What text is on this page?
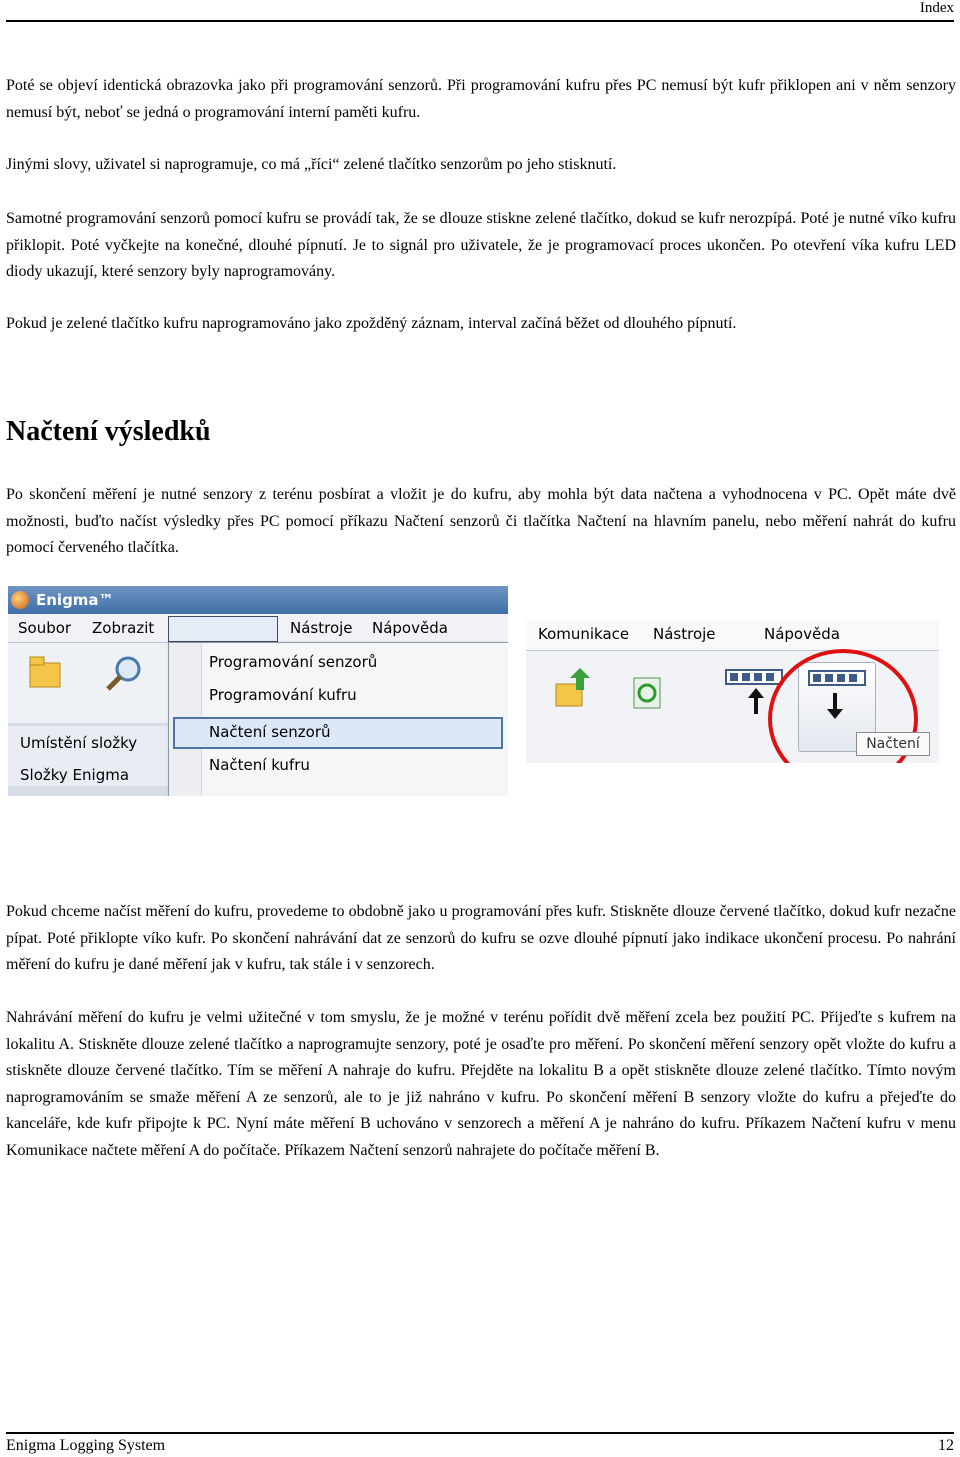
Index

Poté se objeví identická obrazovka jako při programování senzorů. Při programování kufru přes PC nemusí být kufr přiklopen ani v něm senzory nemusí být, neboť se jedná o programování interní paměti kufru.

Jinými slovy, uživatel si naprogramuje, co má „říci“ zelené tlačítko senzorům po jeho stisknutí.

Samotné programování senzorů pomocí kufru se provádí tak, že se dlouze stiskne zelené tlačítko, dokud se kufr nerozpípá. Poté je nutné víko kufru přiklopit. Poté vyčkejte na konečné, dlouhé pípnutí. Je to signál pro uživatele, že je programovací proces ukončen. Po otevření víka kufru LED diody ukazují, které senzory byly naprogramovány.

Pokud je zelené tlačítko kufru naprogramováno jako zpožděný záznam, interval začíná běžet od dlouhého pípnutí.

Načtení výsledků

Po skončení měření je nutné senzory z terénu posbírat a vložit je do kufru, aby mohla být data načtena a vyhodnocena v PC. Opět máte dvě možnosti, buďto načíst výsledky přes PC pomocí příkazu Načtení senzorů či tlačítka Načtení na hlavním panelu, nebo měření nahrát do kufru pomocí červeného tlačítka.

Enigma™
Soubor Zobrazit	Nástroje Nápověda
Umístění složky
Složky Enigma
Programování senzorů
Programování kufru
Načtení senzorů
Načtení kufru
Komunikace Nástroje	Nápověda
Načtení

Pokud chceme načíst měření do kufru, provedeme to obdobně jako u programování přes kufr. Stiskněte dlouze červené tlačítko, dokud kufr nezačne pípat. Poté přiklopte víko kufr. Po skončení nahrávání dat ze senzorů do kufru se ozve dlouhé pípnutí jako indikace ukončení procesu. Po nahrání měření do kufru je dané měření jak v kufru, tak stále i v senzorech.

Nahrávání měření do kufru je velmi užitečné v tom smyslu, že je možné v terénu pořídit dvě měření zcela bez použití PC. Přijeďte s kufrem na lokalitu A. Stiskněte dlouze zelené tlačítko a naprogramujte senzory, poté je osaďte pro měření. Po skončení měření senzory opět vložte do kufru a stiskněte dlouze červené tlačítko. Tím se měření A nahraje do kufru. Přejděte na lokalitu B a opět stiskněte dlouze zelené tlačítko. Tímto novým naprogramováním se smaže měření A ze senzorů, ale to je již nahráno v kufru. Po skončení měření B senzory vložte do kufru a přejeďte do kanceláře, kde kufr připojte k PC. Nyní máte měření B uchováno v senzorech a měření A je nahráno do kufru. Příkazem Načtení kufru v menu Komunikace načtete měření A do počítače. Příkazem Načtení senzorů nahrajete do počítače měření B.

Enigma Logging System	12
